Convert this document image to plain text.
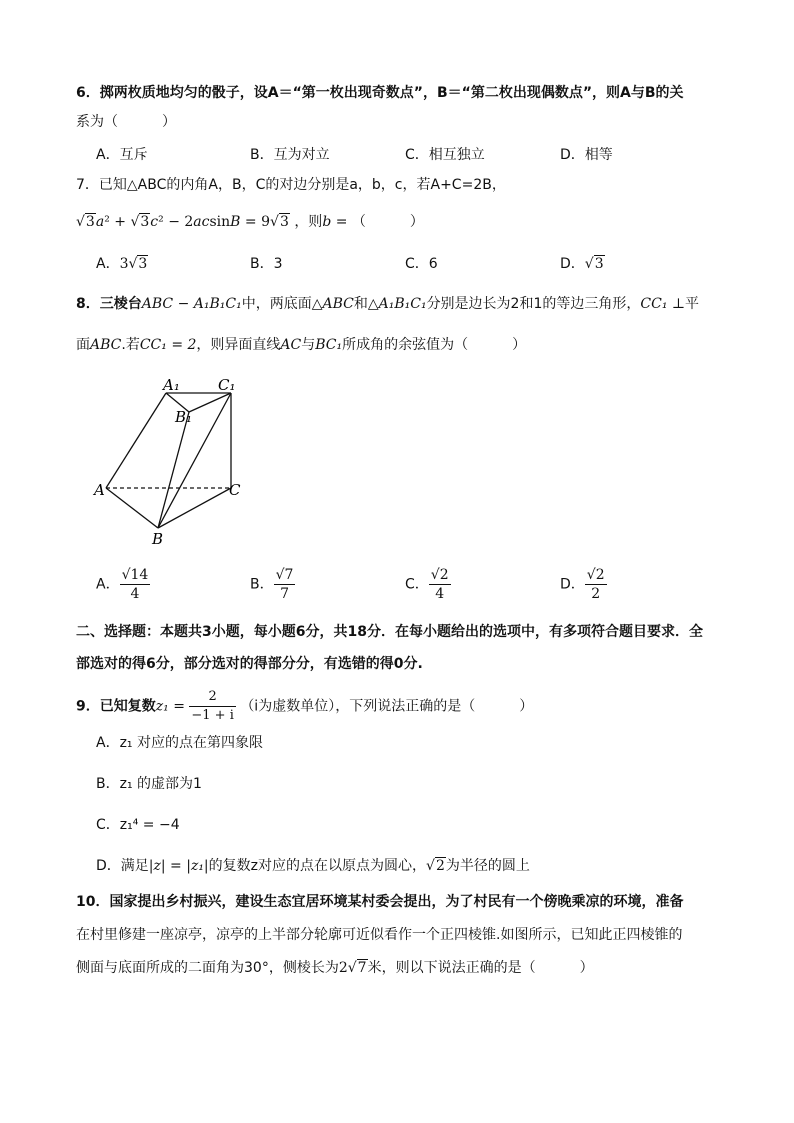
6．掷两枚质地均匀的骰子，设A＝“第一枚出现奇数点”，B＝“第二枚出现偶数点”，则A与B的关
系为（	）
A．互斥	B．互为对立	C．相互独立	D．相等
7．已知△ABC的内角A，B，C的对边分别是a，b，c，若A+C=2B，
√3a² + √3c² − 2acsinB = 9√3 ，则b = （	）
A．3√3	B．3	C．6	D．√3
8．三棱台ABC − A₁B₁C₁中，两底面△ABC和△A₁B₁C₁分别是边长为2和1的等边三角形，CC₁ ⊥平
面ABC.若CC₁ = 2，则异面直线AC与BC₁所成角的余弦值为（	）
A₁	C₁
B₁
A	C
B
A． $\frac{√14}{4}$	B． $\frac{√7}{7}$	C． $\frac{√2}{4}$	D． $\frac{√2}{2}$
二、选择题：本题共3小题，每小题6分，共18分．在每小题给出的选项中，有多项符合题目要求．全
部选对的得6分，部分选对的得部分分，有选错的得0分.
9．已知复数$z_1 = \frac{2}{-1 + i} (i$为虚数单位），下列说法正确的是（	）
A．z₁ 对应的点在第四象限
B．z₁ 的虚部为1
C．z₁⁴ = −4
D．满足|z| = |z₁|的复数z对应的点在以原点为圆心，√2为半径的圆上
10．国家提出乡村振兴，建设生态宜居环境某村委会提出，为了村民有一个傍晚乘凉的环境，准备
在村里修建一座凉亭，凉亭的上半部分轮廓可近似看作一个正四棱锥.如图所示，已知此正四棱锥的
侧面与底面所成的二面角为30°，侧棱长为2√7米，则以下说法正确的是（	）
